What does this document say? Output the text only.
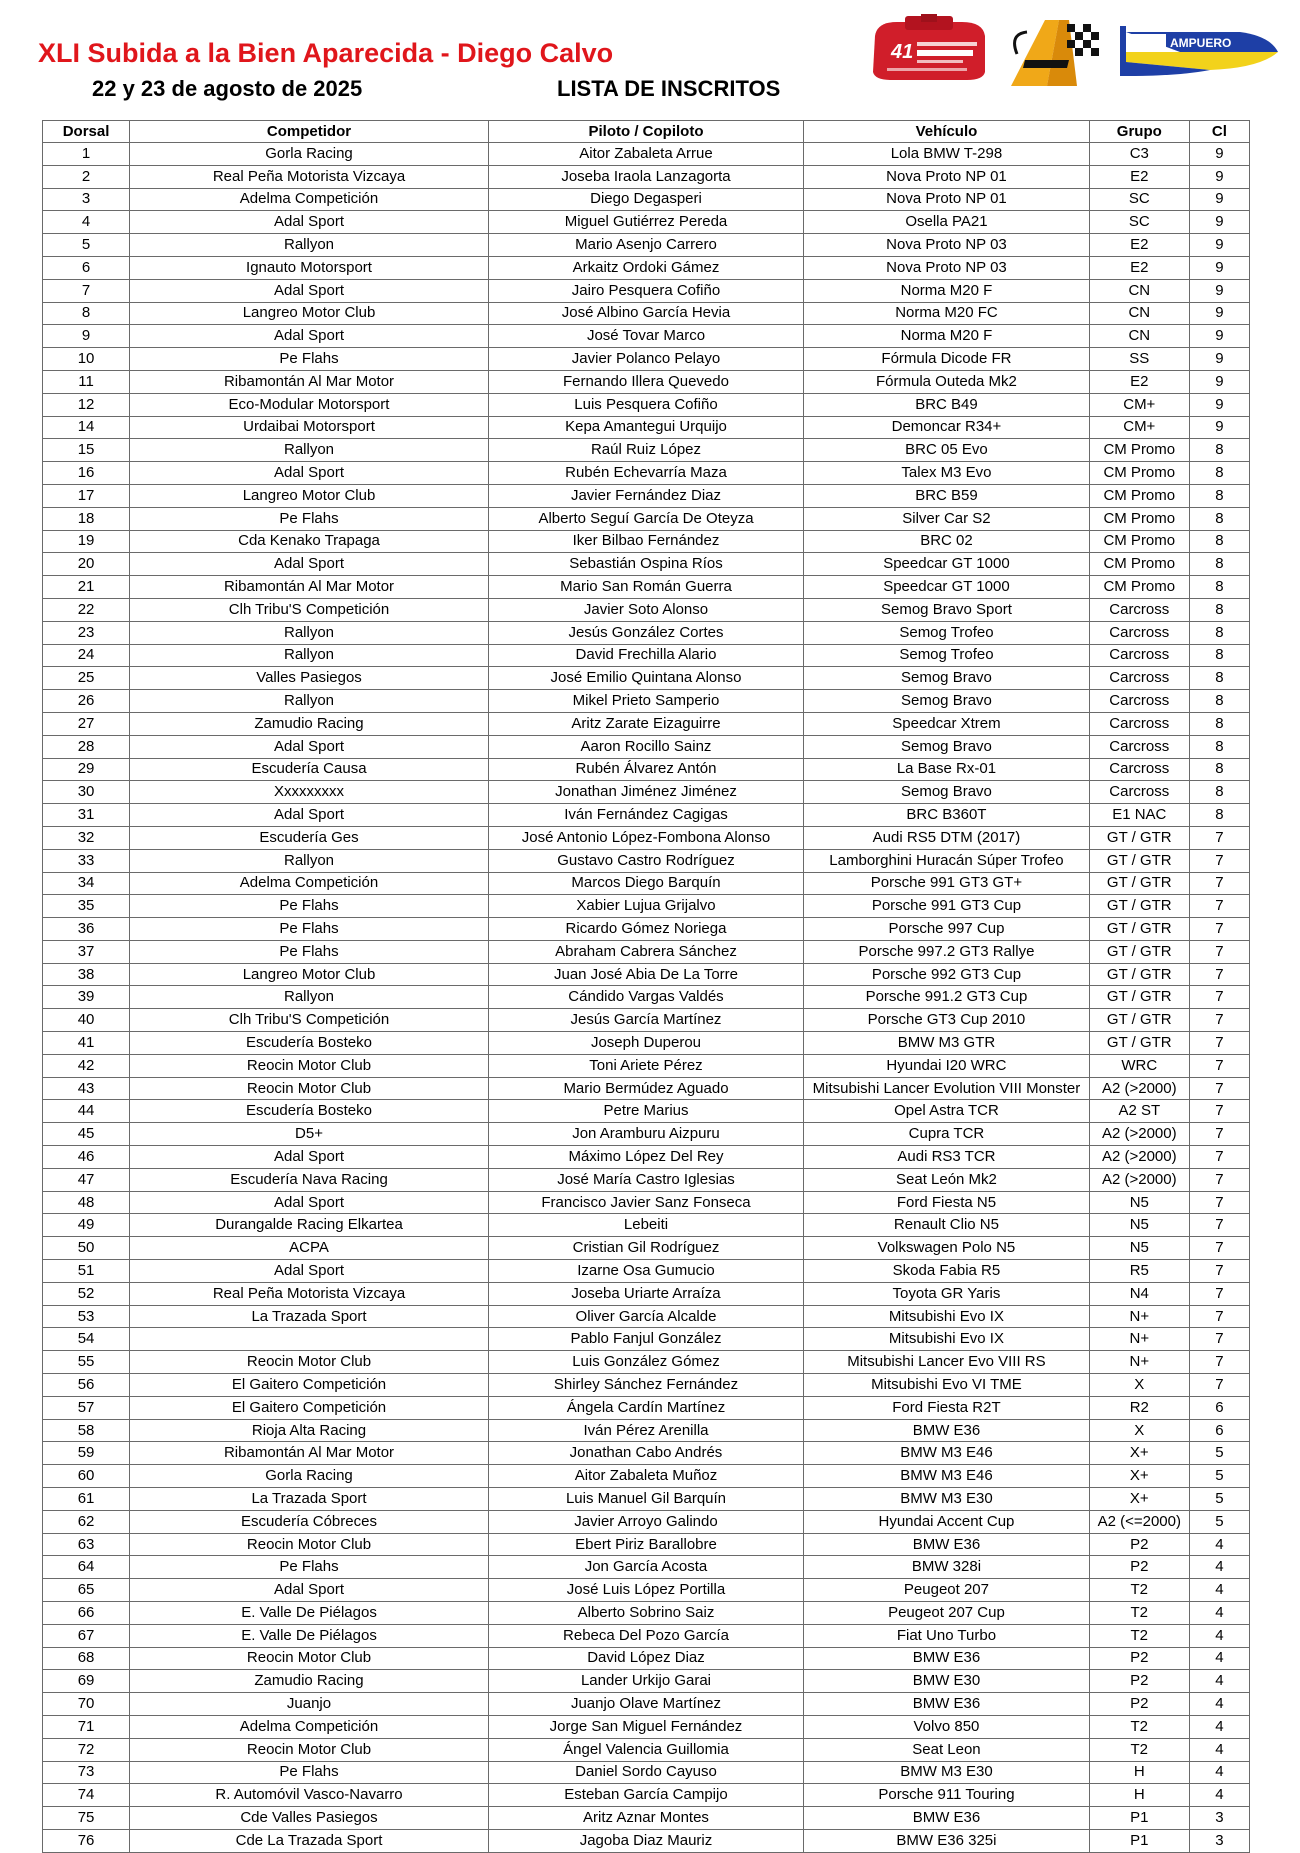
XLI Subida a la Bien Aparecida - Diego Calvo
22 y 23 de agosto de 2025	LISTA DE INSCRITOS
41	AMPUERO
Dorsal	Competidor	Piloto / Copiloto	Vehículo	Grupo	Cl
1	Gorla Racing	Aitor Zabaleta Arrue	Lola BMW T-298	C3	9
2	Real Peña Motorista Vizcaya	Joseba Iraola Lanzagorta	Nova Proto NP 01	E2	9
3	Adelma Competición	Diego Degasperi	Nova Proto NP 01	SC	9
4	Adal Sport	Miguel Gutiérrez Pereda	Osella PA21	SC	9
5	Rallyon	Mario Asenjo Carrero	Nova Proto NP 03	E2	9
6	Ignauto Motorsport	Arkaitz Ordoki Gámez	Nova Proto NP 03	E2	9
7	Adal Sport	Jairo Pesquera Cofiño	Norma M20 F	CN	9
8	Langreo Motor Club	José Albino García Hevia	Norma M20 FC	CN	9
9	Adal Sport	José Tovar Marco	Norma M20 F	CN	9
10	Pe Flahs	Javier Polanco Pelayo	Fórmula Dicode FR	SS	9
11	Ribamontán Al Mar Motor	Fernando Illera Quevedo	Fórmula Outeda Mk2	E2	9
12	Eco-Modular Motorsport	Luis Pesquera Cofiño	BRC B49	CM+	9
14	Urdaibai Motorsport	Kepa Amantegui Urquijo	Demoncar R34+	CM+	9
15	Rallyon	Raúl Ruiz López	BRC 05 Evo	CM Promo	8
16	Adal Sport	Rubén Echevarría Maza	Talex M3 Evo	CM Promo	8
17	Langreo Motor Club	Javier Fernández Diaz	BRC B59	CM Promo	8
18	Pe Flahs	Alberto Seguí García De Oteyza	Silver Car S2	CM Promo	8
19	Cda Kenako Trapaga	Iker Bilbao Fernández	BRC 02	CM Promo	8
20	Adal Sport	Sebastián Ospina Ríos	Speedcar GT 1000	CM Promo	8
21	Ribamontán Al Mar Motor	Mario San Román Guerra	Speedcar GT 1000	CM Promo	8
22	Clh Tribu'S Competición	Javier Soto Alonso	Semog Bravo Sport	Carcross	8
23	Rallyon	Jesús González Cortes	Semog Trofeo	Carcross	8
24	Rallyon	David Frechilla Alario	Semog Trofeo	Carcross	8
25	Valles Pasiegos	José Emilio Quintana Alonso	Semog Bravo	Carcross	8
26	Rallyon	Mikel Prieto Samperio	Semog Bravo	Carcross	8
27	Zamudio Racing	Aritz Zarate Eizaguirre	Speedcar Xtrem	Carcross	8
28	Adal Sport	Aaron Rocillo Sainz	Semog Bravo	Carcross	8
29	Escudería Causa	Rubén Álvarez Antón	La Base Rx-01	Carcross	8
30	Xxxxxxxxx	Jonathan Jiménez Jiménez	Semog Bravo	Carcross	8
31	Adal Sport	Iván Fernández Cagigas	BRC B360T	E1 NAC	8
32	Escudería Ges	José Antonio López-Fombona Alonso	Audi RS5 DTM (2017)	GT / GTR	7
33	Rallyon	Gustavo Castro Rodríguez	Lamborghini Huracán Súper Trofeo	GT / GTR	7
34	Adelma Competición	Marcos Diego Barquín	Porsche 991 GT3 GT+	GT / GTR	7
35	Pe Flahs	Xabier Lujua Grijalvo	Porsche 991 GT3 Cup	GT / GTR	7
36	Pe Flahs	Ricardo Gómez Noriega	Porsche 997 Cup	GT / GTR	7
37	Pe Flahs	Abraham Cabrera Sánchez	Porsche 997.2 GT3 Rallye	GT / GTR	7
38	Langreo Motor Club	Juan José Abia De La Torre	Porsche 992 GT3 Cup	GT / GTR	7
39	Rallyon	Cándido Vargas Valdés	Porsche 991.2 GT3 Cup	GT / GTR	7
40	Clh Tribu'S Competición	Jesús García Martínez	Porsche GT3 Cup 2010	GT / GTR	7
41	Escudería Bosteko	Joseph Duperou	BMW M3 GTR	GT / GTR	7
42	Reocin Motor Club	Toni Ariete Pérez	Hyundai I20 WRC	WRC	7
43	Reocin Motor Club	Mario Bermúdez Aguado	Mitsubishi Lancer Evolution VIII Monster	A2 (>2000)	7
44	Escudería Bosteko	Petre Marius	Opel Astra TCR	A2 ST	7
45	D5+	Jon Aramburu Aizpuru	Cupra TCR	A2 (>2000)	7
46	Adal Sport	Máximo López Del Rey	Audi RS3 TCR	A2 (>2000)	7
47	Escudería Nava Racing	José María Castro Iglesias	Seat León Mk2	A2 (>2000)	7
48	Adal Sport	Francisco Javier Sanz Fonseca	Ford Fiesta N5	N5	7
49	Durangalde Racing Elkartea	Lebeiti	Renault Clio N5	N5	7
50	ACPA	Cristian Gil Rodríguez	Volkswagen Polo N5	N5	7
51	Adal Sport	Izarne Osa Gumucio	Skoda Fabia R5	R5	7
52	Real Peña Motorista Vizcaya	Joseba Uriarte Arraíza	Toyota GR Yaris	N4	7
53	La Trazada Sport	Oliver García Alcalde	Mitsubishi Evo IX	N+	7
54		Pablo Fanjul González	Mitsubishi Evo IX	N+	7
55	Reocin Motor Club	Luis González Gómez	Mitsubishi Lancer Evo VIII RS	N+	7
56	El Gaitero Competición	Shirley Sánchez Fernández	Mitsubishi Evo VI TME	X	7
57	El Gaitero Competición	Ángela Cardín Martínez	Ford Fiesta R2T	R2	6
58	Rioja Alta Racing	Iván Pérez Arenilla	BMW E36	X	6
59	Ribamontán Al Mar Motor	Jonathan Cabo Andrés	BMW M3 E46	X+	5
60	Gorla Racing	Aitor Zabaleta Muñoz	BMW M3 E46	X+	5
61	La Trazada Sport	Luis Manuel Gil Barquín	BMW M3 E30	X+	5
62	Escudería Cóbreces	Javier Arroyo Galindo	Hyundai Accent Cup	A2 (<=2000)	5
63	Reocin Motor Club	Ebert Piriz Barallobre	BMW E36	P2	4
64	Pe Flahs	Jon García Acosta	BMW 328i	P2	4
65	Adal Sport	José Luis López Portilla	Peugeot 207	T2	4
66	E. Valle De Piélagos	Alberto Sobrino Saiz	Peugeot 207 Cup	T2	4
67	E. Valle De Piélagos	Rebeca Del Pozo García	Fiat Uno Turbo	T2	4
68	Reocin Motor Club	David López Diaz	BMW E36	P2	4
69	Zamudio Racing	Lander Urkijo Garai	BMW E30	P2	4
70	Juanjo	Juanjo Olave Martínez	BMW E36	P2	4
71	Adelma Competición	Jorge San Miguel Fernández	Volvo 850	T2	4
72	Reocin Motor Club	Ángel Valencia Guillomia	Seat Leon	T2	4
73	Pe Flahs	Daniel Sordo Cayuso	BMW M3 E30	H	4
74	R. Automóvil Vasco-Navarro	Esteban García Campijo	Porsche 911 Touring	H	4
75	Cde Valles Pasiegos	Aritz Aznar Montes	BMW E36	P1	3
76	Cde La Trazada Sport	Jagoba Diaz Mauriz	BMW E36 325i	P1	3
